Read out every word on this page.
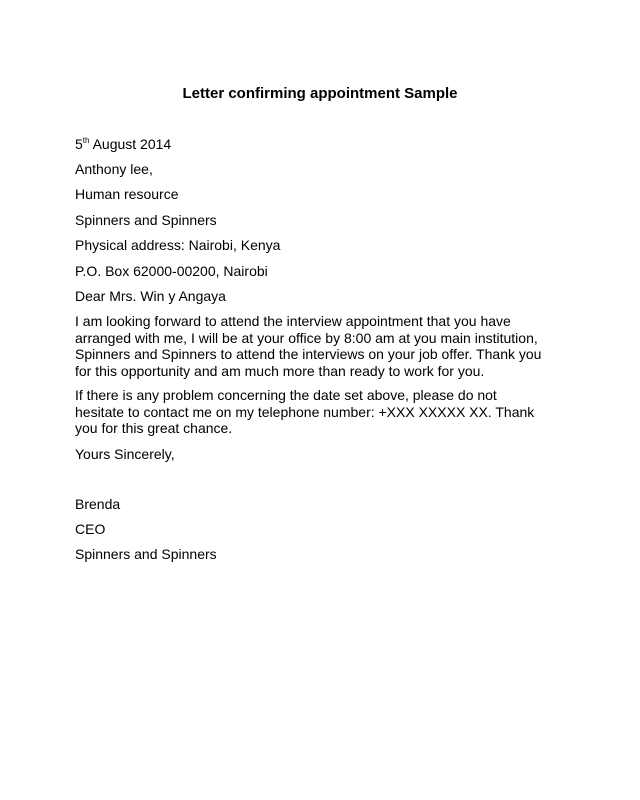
Letter confirming appointment Sample
5th August 2014
Anthony lee,
Human resource
Spinners and Spinners
Physical address: Nairobi, Kenya
P.O. Box 62000-00200, Nairobi
Dear Mrs. Win y Angaya
I am looking forward to attend the interview appointment that you have
arranged with me, I will be at your office by 8:00 am at you main institution,
Spinners and Spinners to attend the interviews on your job offer. Thank you
for this opportunity and am much more than ready to work for you.
If there is any problem concerning the date set above, please do not
hesitate to contact me on my telephone number: +XXX XXXXX XX. Thank
you for this great chance.
Yours Sincerely,
Brenda
CEO
Spinners and Spinners
